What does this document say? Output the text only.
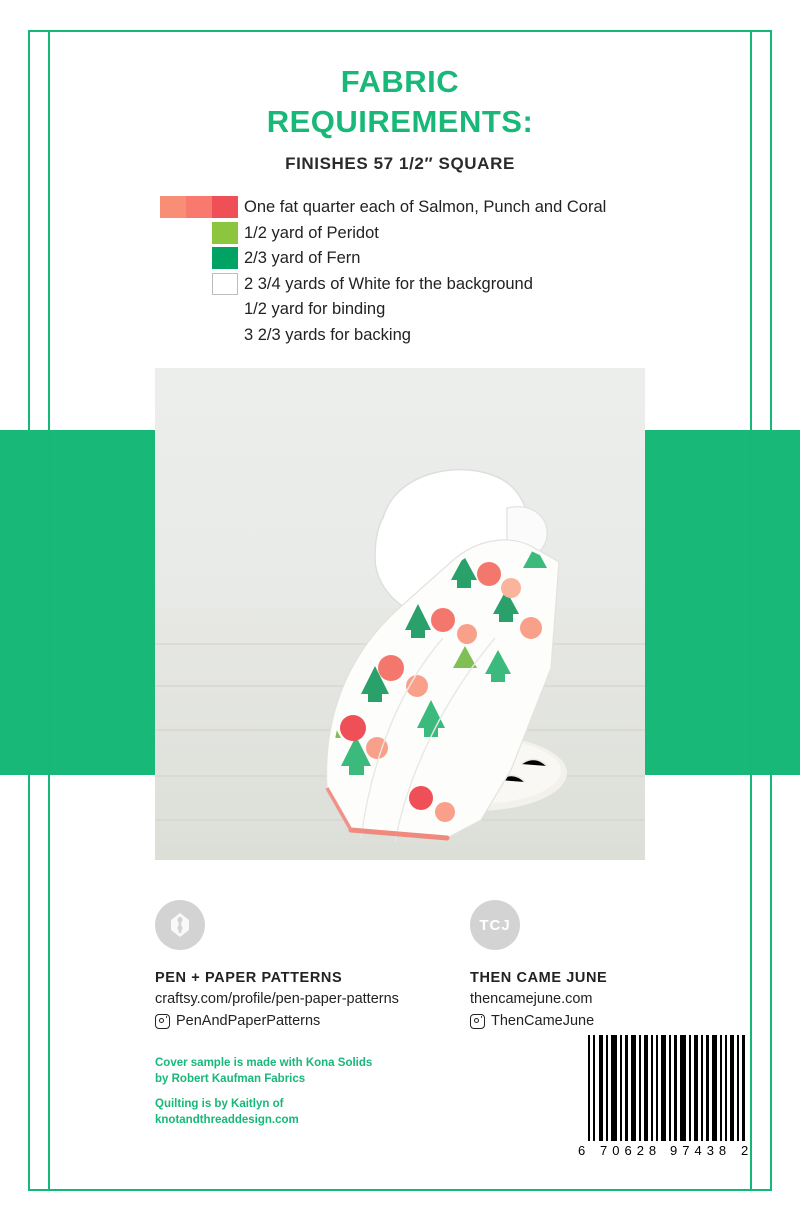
FABRIC
REQUIREMENTS:
FINISHES 57 1/2″ SQUARE
One fat quarter each of Salmon, Punch and Coral
1/2 yard of Peridot
2/3 yard of Fern
2 3/4 yards of White for the background
1/2 yard for binding
3 2/3 yards for backing
PEN + PAPER PATTERNS
craftsy.com/profile/pen-paper-patterns
PenAndPaperPatterns
TCJ
THEN CAME JUNE
thencamejune.com
ThenCameJune
Cover sample is made with Kona Solids
by Robert Kaufman Fabrics
Quilting is by Kaitlyn of
knotandthreaddesign.com
6 70628 97438 2
